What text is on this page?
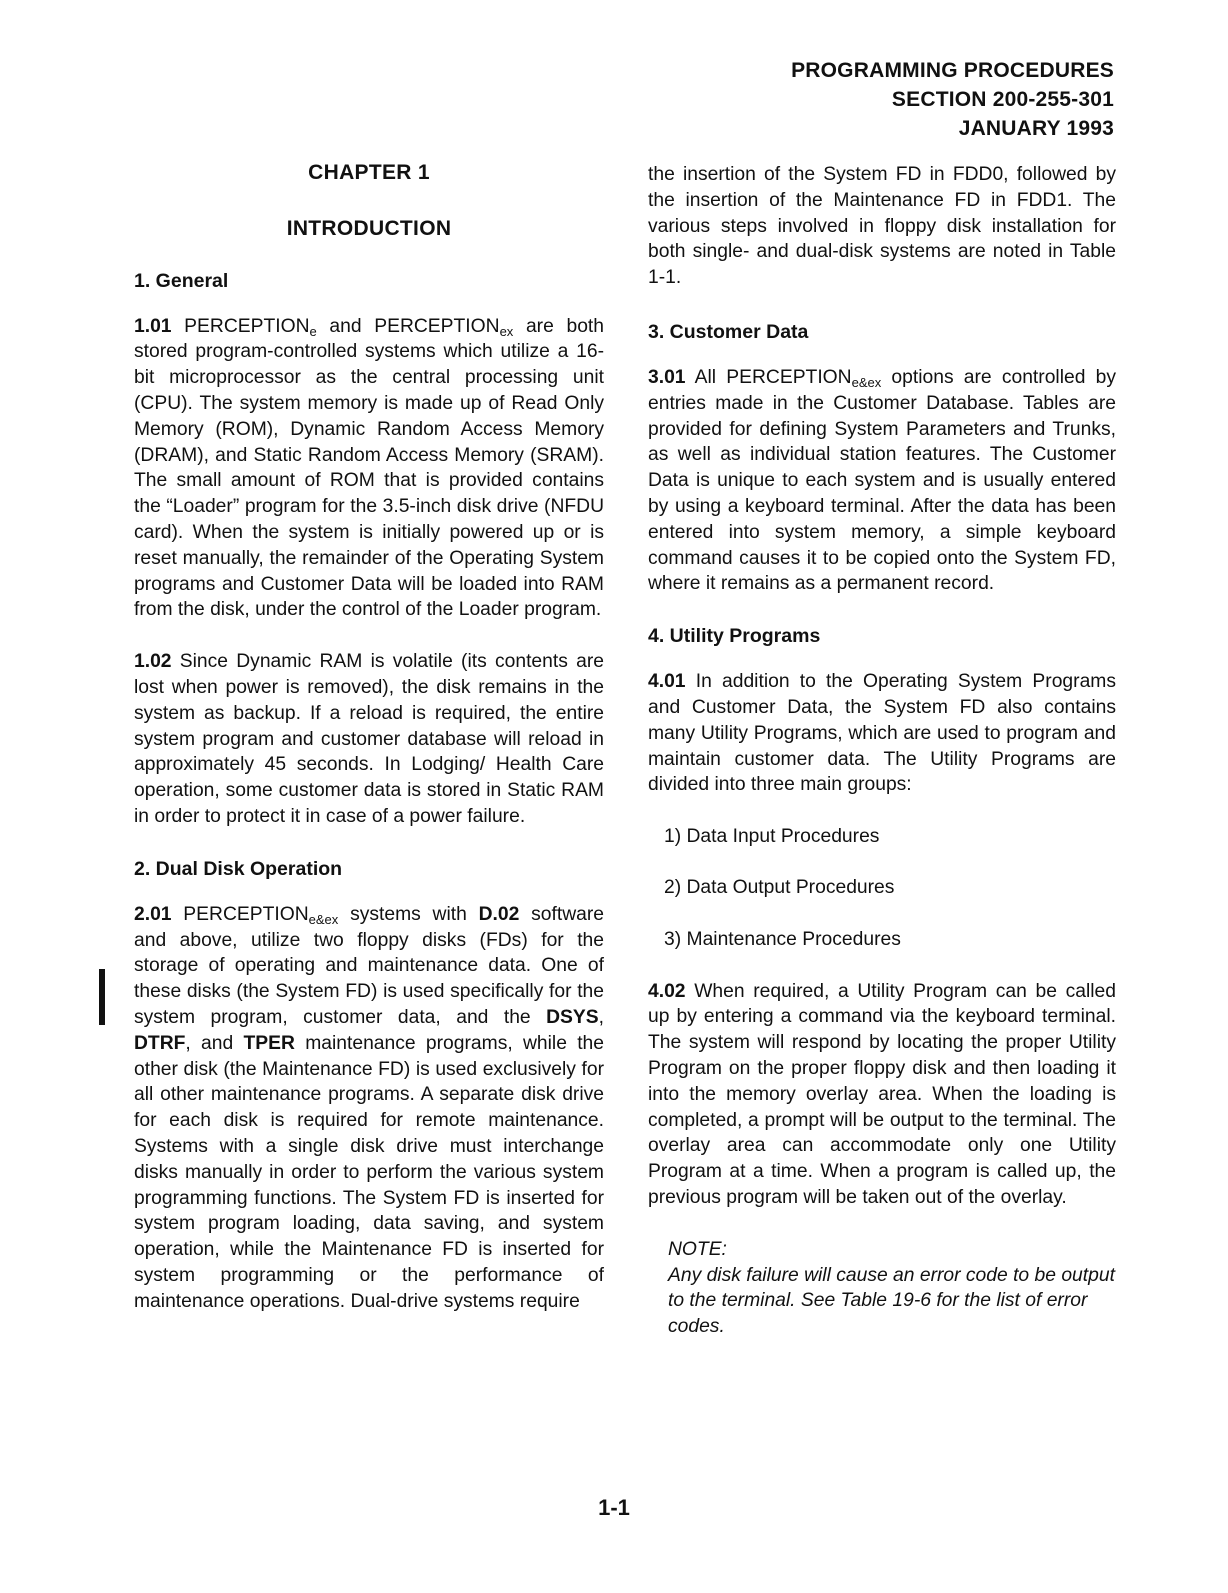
PROGRAMMING PROCEDURES
SECTION 200-255-301
JANUARY 1993
CHAPTER 1
INTRODUCTION
1. General

1.01 $PERCEPTION_e$ and $PERCEPTION_{ex}$ are both stored program-controlled systems which utilize a 16-bit microprocessor as the central processing unit (CPU). The system memory is made up of Read Only Memory (ROM), Dynamic Random Access Memory (DRAM), and Static Random Access Memory (SRAM). The small amount of ROM that is provided contains the “Loader” program for the 3.5-inch disk drive (NFDU card). When the system is initially powered up or is reset manually, the remainder of the Operating System programs and Customer Data will be loaded into RAM from the disk, under the control of the Loader program.

1.02 Since Dynamic RAM is volatile (its contents are lost when power is removed), the disk remains in the system as backup. If a reload is required, the entire system program and customer database will reload in approximately 45 seconds. In Lodging/ Health Care operation, some customer data is stored in Static RAM in order to protect it in case of a power failure.

2. Dual Disk Operation

2.01 $PERCEPTION_{e\&ex}$ systems with D.02 software and above, utilize two floppy disks (FDs) for the storage of operating and maintenance data. One of these disks (the System FD) is used specifically for the system program, customer data, and the DSYS, DTRF, and TPER maintenance programs, while the other disk (the Maintenance FD) is used exclusively for all other maintenance programs. A separate disk drive for each disk is required for remote maintenance. Systems with a single disk drive must interchange disks manually in order to perform the various system programming functions. The System FD is inserted for system program loading, data saving, and system operation, while the Maintenance FD is inserted for system programming or the performance of maintenance operations. Dual-drive systems require

the insertion of the System FD in FDD0, followed by the insertion of the Maintenance FD in FDD1. The various steps involved in floppy disk installation for both single- and dual-disk systems are noted in Table 1-1.

3. Customer Data

3.01 All $PERCEPTION_{e\&ex}$ options are controlled by entries made in the Customer Database. Tables are provided for defining System Parameters and Trunks, as well as individual station features. The Customer Data is unique to each system and is usually entered by using a keyboard terminal. After the data has been entered into system memory, a simple keyboard command causes it to be copied onto the System FD, where it remains as a permanent record.

4. Utility Programs

4.01 In addition to the Operating System Programs and Customer Data, the System FD also contains many Utility Programs, which are used to program and maintain customer data. The Utility Programs are divided into three main groups:

1) Data Input Procedures
2) Data Output Procedures
3) Maintenance Procedures

4.02 When required, a Utility Program can be called up by entering a command via the keyboard terminal. The system will respond by locating the proper Utility Program on the proper floppy disk and then loading it into the memory overlay area. When the loading is completed, a prompt will be output to the terminal. The overlay area can accommodate only one Utility Program at a time. When a program is called up, the previous program will be taken out of the overlay.

NOTE:
Any disk failure will cause an error code to be output to the terminal. See Table 19-6 for the list of error codes.
1-1
